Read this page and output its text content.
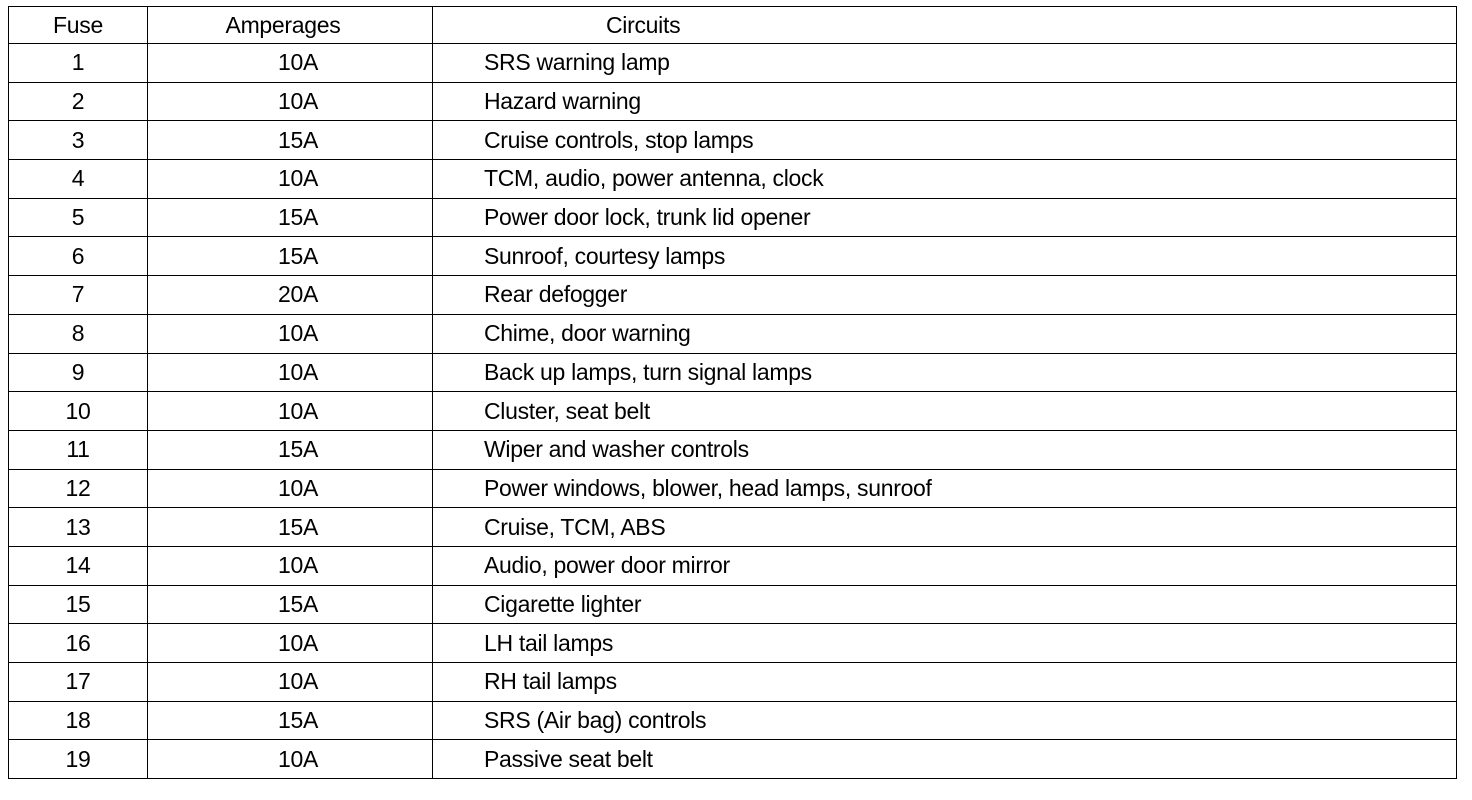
Fuse	Amperages	Circuits
1	10A	SRS warning lamp
2	10A	Hazard warning
3	15A	Cruise controls, stop lamps
4	10A	TCM, audio, power antenna, clock
5	15A	Power door lock, trunk lid opener
6	15A	Sunroof, courtesy lamps
7	20A	Rear defogger
8	10A	Chime, door warning
9	10A	Back up lamps, turn signal lamps
10	10A	Cluster, seat belt
11	15A	Wiper and washer controls
12	10A	Power windows, blower, head lamps, sunroof
13	15A	Cruise, TCM, ABS
14	10A	Audio, power door mirror
15	15A	Cigarette lighter
16	10A	LH tail lamps
17	10A	RH tail lamps
18	15A	SRS (Air bag) controls
19	10A	Passive seat belt
